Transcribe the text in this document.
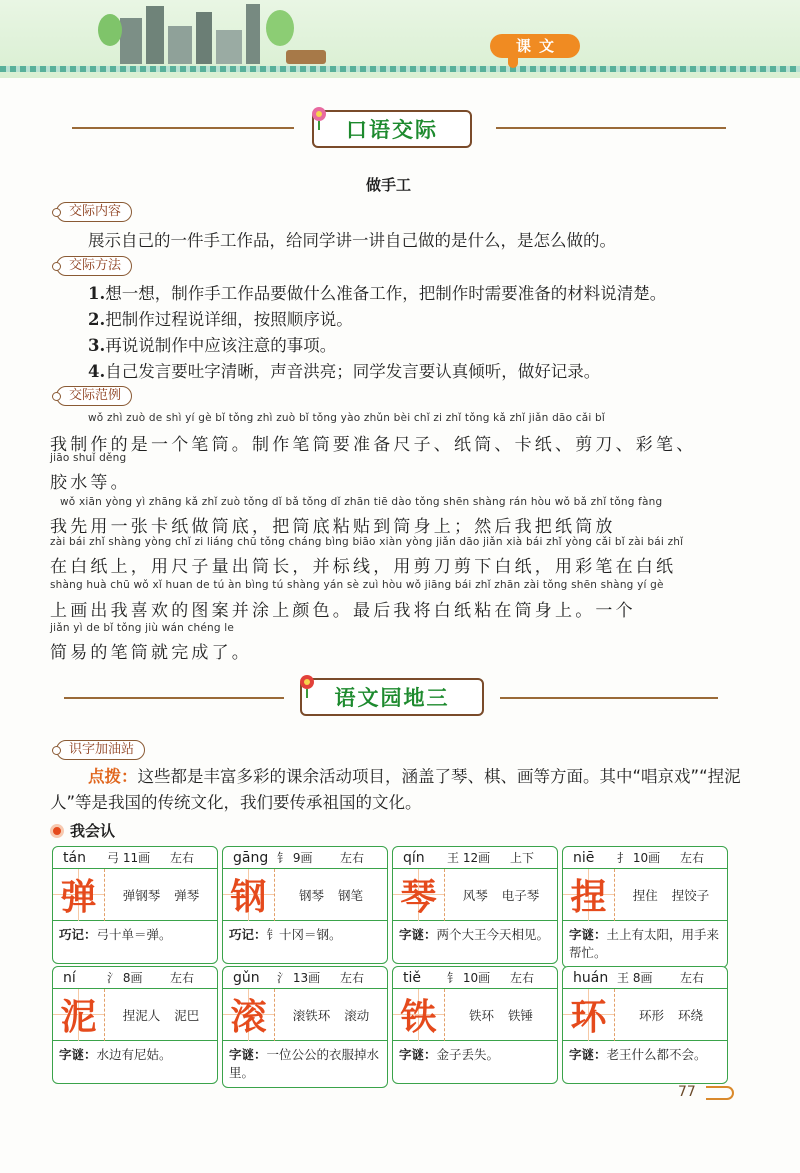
课文
口语交际
做手工
交际内容
展示自己的一件手工作品，给同学讲一讲自己做的是什么，是怎么做的。
交际方法
1.想一想，制作手工作品要做什么准备工作，把制作时需要准备的材料说清楚。
2.把制作过程说详细，按照顺序说。
3.再说说制作中应该注意的事项。
4.自己发言要吐字清晰，声音洪亮；同学发言要认真倾听，做好记录。
交际范例
wǒ zhì zuò de shì yí gè bǐ tǒng zhì zuò bǐ tǒng yào zhǔn bèi chǐ zi zhǐ tǒng kǎ zhǐ jiǎn dāo cǎi bǐ
我制作的是一个笔筒。制作笔筒要准备尺子、纸筒、卡纸、剪刀、彩笔、
jiāo shuǐ děng
胶水等。
wǒ xiān yòng yì zhāng kǎ zhǐ zuò tǒng dǐ bǎ tǒng dǐ zhān tiē dào tǒng shēn shàng rán hòu wǒ bǎ zhǐ tǒng fàng
我先用一张卡纸做筒底，把筒底粘贴到筒身上；然后我把纸筒放
zài bái zhǐ shàng yòng chǐ zi liáng chū tǒng cháng bìng biāo xiàn yòng jiǎn dāo jiǎn xià bái zhǐ yòng cǎi bǐ zài bái zhǐ
在白纸上，用尺子量出筒长，并标线，用剪刀剪下白纸，用彩笔在白纸
shàng huà chū wǒ xǐ huan de tú àn bìng tú shàng yán sè zuì hòu wǒ jiāng bái zhǐ zhān zài tǒng shēn shàng yí gè
上画出我喜欢的图案并涂上颜色。最后我将白纸粘在筒身上。一个
jiǎn yì de bǐ tǒng jiù wán chéng le
简易的笔筒就完成了。
语文园地三
识字加油站
点拨：这些都是丰富多彩的课余活动项目，涵盖了琴、棋、画等方面。其中“唱京戏”“捏泥人”等是我国的传统文化，我们要传承祖国的文化。
我会认
tán	弓 11画	左右
弹	弹钢琴 弹琴
巧记：弓十单＝弹。
gāng 钅 9画	左右
钢	钢琴 钢笔
巧记：钅十冈＝钢。
qín	王 12画	上下
琴	风琴 电子琴
字谜：两个大王今天相见。
niē	扌 10画	左右
捏	捏住 捏饺子
字谜：土上有太阳，用手来帮忙。
ní	氵 8画	左右
泥	捏泥人 泥巴
字谜：水边有尼姑。
gǔn	氵 13画	左右
滚	滚铁环 滚动
字谜：一位公公的衣服掉水里。
tiě	钅 10画	左右
铁	铁环 铁锤
字谜：金子丢失。
huán 王 8画	左右
环	环形 环绕
字谜：老王什么都不会。
77
